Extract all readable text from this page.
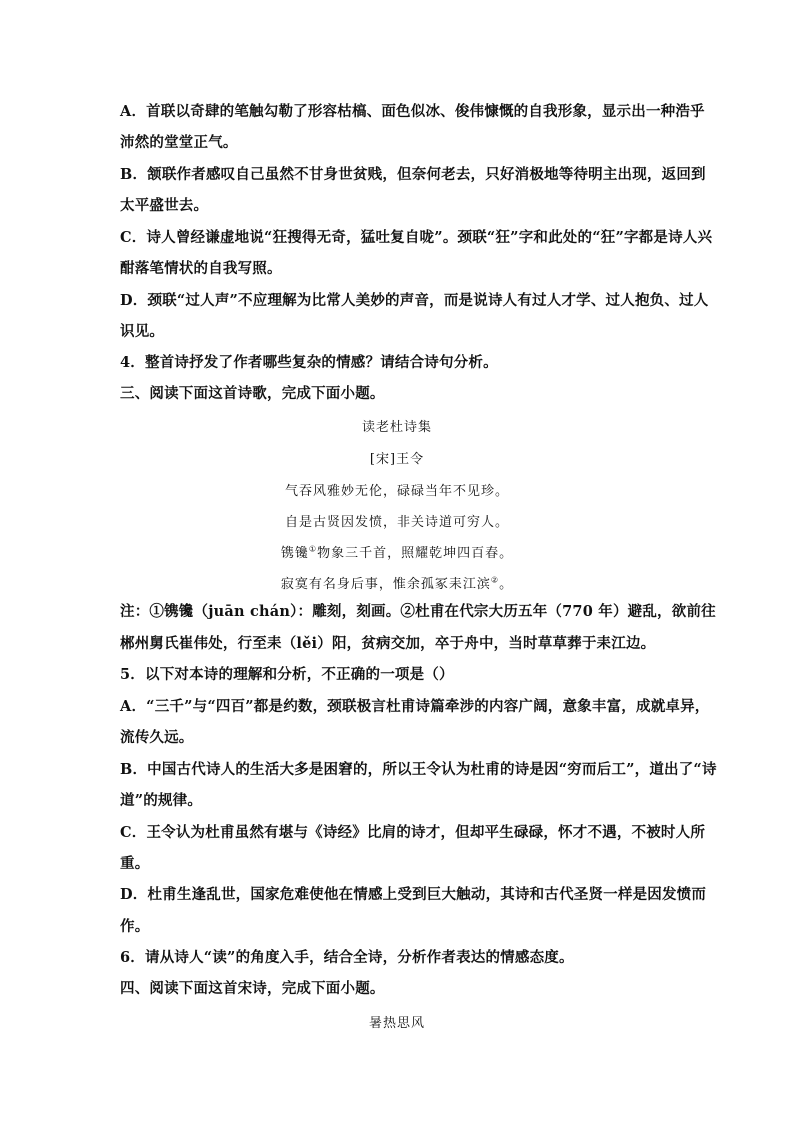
A．首联以奇肆的笔触勾勒了形容枯槁、面色似冰、俊伟慷慨的自我形象，显示出一种浩乎
沛然的堂堂正气。
B．颔联作者感叹自己虽然不甘身世贫贱，但奈何老去，只好消极地等待明主出现，返回到
太平盛世去。
C．诗人曾经谦虚地说“狂搜得无奇，猛吐复自咙”。颈联“狂”字和此处的“狂”字都是诗人兴
酣落笔情状的自我写照。
D．颈联“过人声”不应理解为比常人美妙的声音，而是说诗人有过人才学、过人抱负、过人
识见。
4．整首诗抒发了作者哪些复杂的情感？请结合诗句分析。
三、阅读下面这首诗歌，完成下面小题。
读老杜诗集
[宋]王令
气吞风雅妙无伦，碌碌当年不见珍。
自是古贤因发愤，非关诗道可穷人。
镌镵①物象三千首，照耀乾坤四百春。
寂寞有名身后事，惟余孤冢耒江滨②。
注：①镌镵（juān chán）：雕刻，刻画。②杜甫在代宗大历五年（770 年）避乱，欲前往
郴州舅氏崔伟处，行至耒（lěi）阳，贫病交加，卒于舟中，当时草草葬于耒江边。
5．以下对本诗的理解和分析，不正确的一项是（）
A．“三千”与“四百”都是约数，颈联极言杜甫诗篇牵涉的内容广阔，意象丰富，成就卓异，
流传久远。
B．中国古代诗人的生活大多是困窘的，所以王令认为杜甫的诗是因“穷而后工”，道出了“诗
道”的规律。
C．王令认为杜甫虽然有堪与《诗经》比肩的诗才，但却平生碌碌，怀才不遇，不被时人所
重。
D．杜甫生逢乱世，国家危难使他在情感上受到巨大触动，其诗和古代圣贤一样是因发愤而
作。
6．请从诗人“读”的角度入手，结合全诗，分析作者表达的情感态度。
四、阅读下面这首宋诗，完成下面小题。
暑热思风
